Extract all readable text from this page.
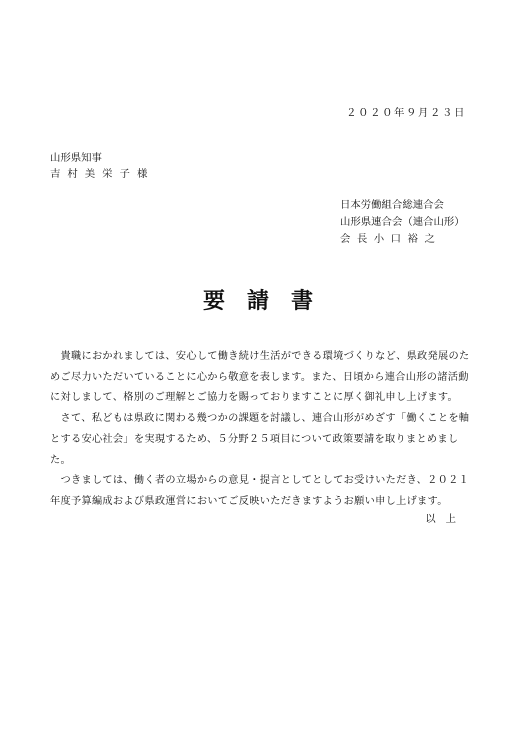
２０２０年９月２３日
山形県知事
吉村美栄子様
日本労働組合総連合会
山形県連合会（連合山形）
会長小口裕之
要請書

　貴職におかれましては、安心して働き続け生活ができる環境づくりなど、県政発展のた
めご尽力いただいていることに心から敬意を表します。また、日頃から連合山形の諸活動
に対しまして、格別のご理解とご協力を賜っておりますことに厚く御礼申し上げます。

　さて、私どもは県政に関わる幾つかの課題を討議し、連合山形がめざす「働くことを軸
とする安心社会」を実現するため、５分野２５項目について政策要請を取りまとめました。

　つきましては、働く者の立場からの意見・提言としてとしてお受けいただき、２０２１
年度予算編成および県政運営においてご反映いただきますようお願い申し上げます。

以上
